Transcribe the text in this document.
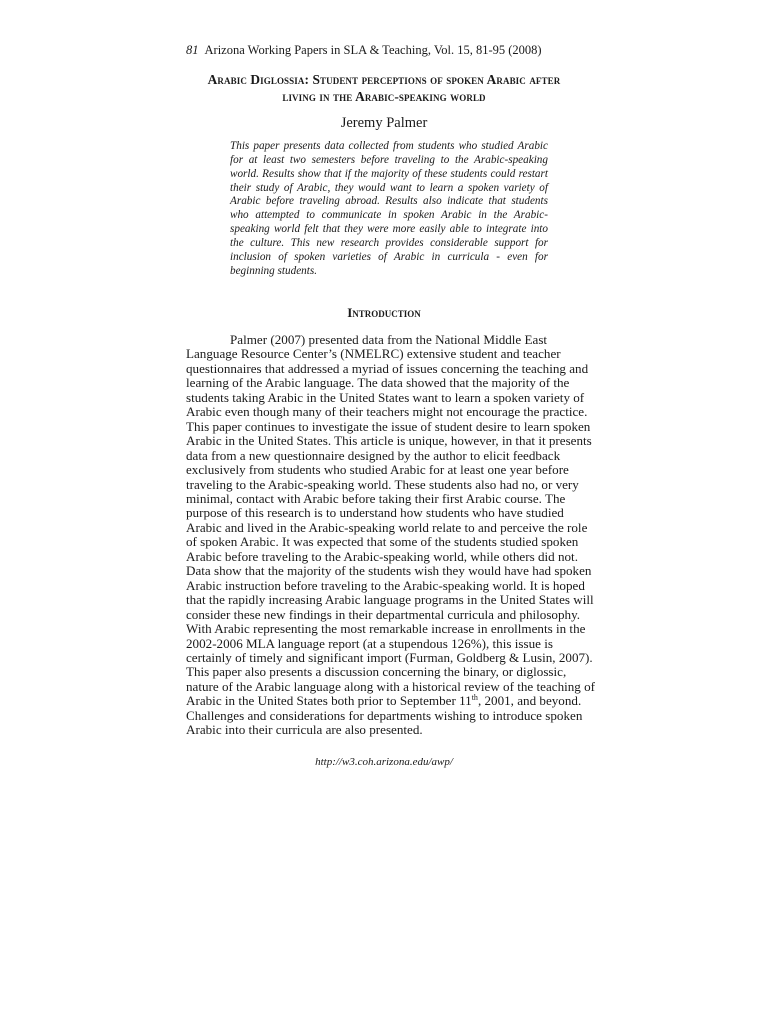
81 Arizona Working Papers in SLA & Teaching, Vol. 15, 81-95 (2008)
Arabic Diglossia: Student perceptions of spoken Arabic after
living in the Arabic-speaking world
Jeremy Palmer
This paper presents data collected from students who studied Arabic
for at least two semesters before traveling to the Arabic-speaking
world. Results show that if the majority of these students could restart
their study of Arabic, they would want to learn a spoken variety of
Arabic before traveling abroad. Results also indicate that students
who attempted to communicate in spoken Arabic in the Arabic-
speaking world felt that they were more easily able to integrate into
the culture. This new research provides considerable support for
inclusion of spoken varieties of Arabic in curricula - even for
beginning students.
Introduction
Palmer (2007) presented data from the National Middle East
Language Resource Center’s (NMELRC) extensive student and teacher
questionnaires that addressed a myriad of issues concerning the teaching and
learning of the Arabic language. The data showed that the majority of the
students taking Arabic in the United States want to learn a spoken variety of
Arabic even though many of their teachers might not encourage the practice.
This paper continues to investigate the issue of student desire to learn spoken
Arabic in the United States. This article is unique, however, in that it presents
data from a new questionnaire designed by the author to elicit feedback
exclusively from students who studied Arabic for at least one year before
traveling to the Arabic-speaking world. These students also had no, or very
minimal, contact with Arabic before taking their first Arabic course. The
purpose of this research is to understand how students who have studied
Arabic and lived in the Arabic-speaking world relate to and perceive the role
of spoken Arabic. It was expected that some of the students studied spoken
Arabic before traveling to the Arabic-speaking world, while others did not.
Data show that the majority of the students wish they would have had spoken
Arabic instruction before traveling to the Arabic-speaking world. It is hoped
that the rapidly increasing Arabic language programs in the United States will
consider these new findings in their departmental curricula and philosophy.
With Arabic representing the most remarkable increase in enrollments in the
2002-2006 MLA language report (at a stupendous 126%), this issue is
certainly of timely and significant import (Furman, Goldberg & Lusin, 2007).
This paper also presents a discussion concerning the binary, or diglossic,
nature of the Arabic language along with a historical review of the teaching of
Arabic in the United States both prior to September 11th, 2001, and beyond.
Challenges and considerations for departments wishing to introduce spoken
Arabic into their curricula are also presented.
http://w3.coh.arizona.edu/awp/
